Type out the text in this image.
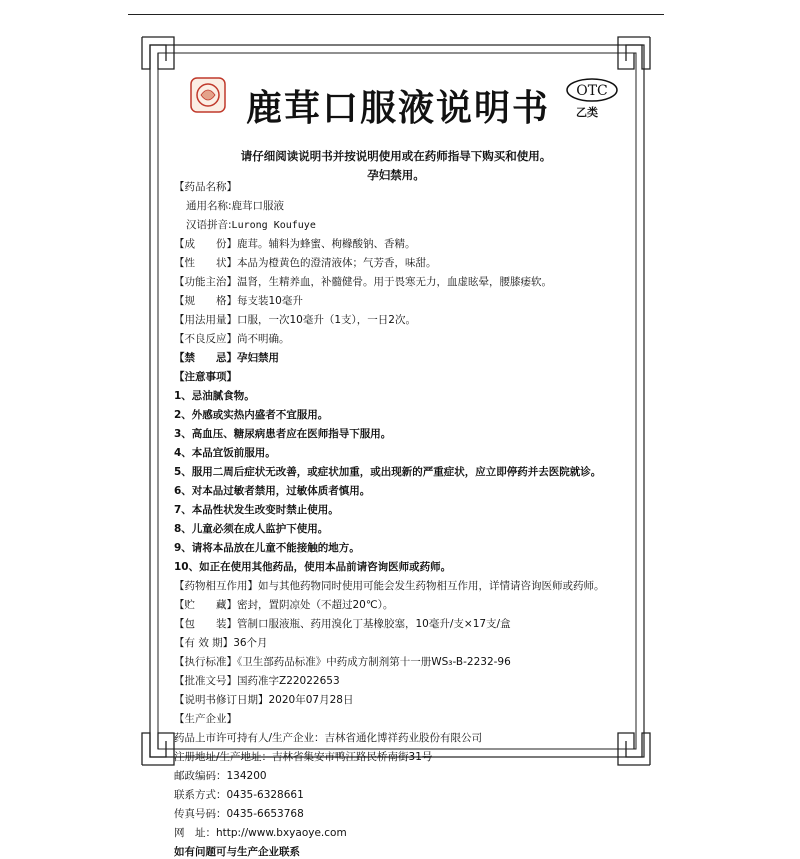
鹿茸口服液说明书	OTC
乙类
请仔细阅读说明书并按说明使用或在药师指导下购买和使用。
孕妇禁用。
【药品名称】
通用名称:鹿茸口服液
汉语拼音:Lurong Koufuye
【成　　份】鹿茸。辅料为蜂蜜、枸橼酸钠、香精。
【性　　状】本品为橙黄色的澄清液体；气芳香，味甜。
【功能主治】温肾，生精养血，补髓健骨。用于畏寒无力，血虚眩晕，腰膝痿软。
【规　　格】每支装10毫升
【用法用量】口服，一次10毫升（1支），一日2次。
【不良反应】尚不明确。
【禁　　忌】孕妇禁用
【注意事项】
1、忌油腻食物。
2、外感或实热内盛者不宜服用。
3、高血压、糖尿病患者应在医师指导下服用。
4、本品宜饭前服用。
5、服用二周后症状无改善，或症状加重，或出现新的严重症状，应立即停药并去医院就诊。
6、对本品过敏者禁用，过敏体质者慎用。
7、本品性状发生改变时禁止使用。
8、儿童必须在成人监护下使用。
9、请将本品放在儿童不能接触的地方。
10、如正在使用其他药品，使用本品前请咨询医师或药师。
【药物相互作用】如与其他药物同时使用可能会发生药物相互作用，详情请咨询医师或药师。
【贮　　藏】密封，置阴凉处（不超过20℃）。
【包　　装】管制口服液瓶、药用溴化丁基橡胶塞，10毫升/支×17支/盒
【有 效 期】36个月
【执行标准】《卫生部药品标准》中药成方制剂第十一册WS₃-B-2232-96
【批准文号】国药准字Z22022653
【说明书修订日期】2020年07月28日
【生产企业】
药品上市许可持有人/生产企业：吉林省通化博祥药业股份有限公司
注册地址/生产地址：吉林省集安市鸭江路民桥南街31号
邮政编码：134200
联系方式：0435-6328661
传真号码：0435-6653768
网　址：http://www.bxyaoye.com
如有问题可与生产企业联系
